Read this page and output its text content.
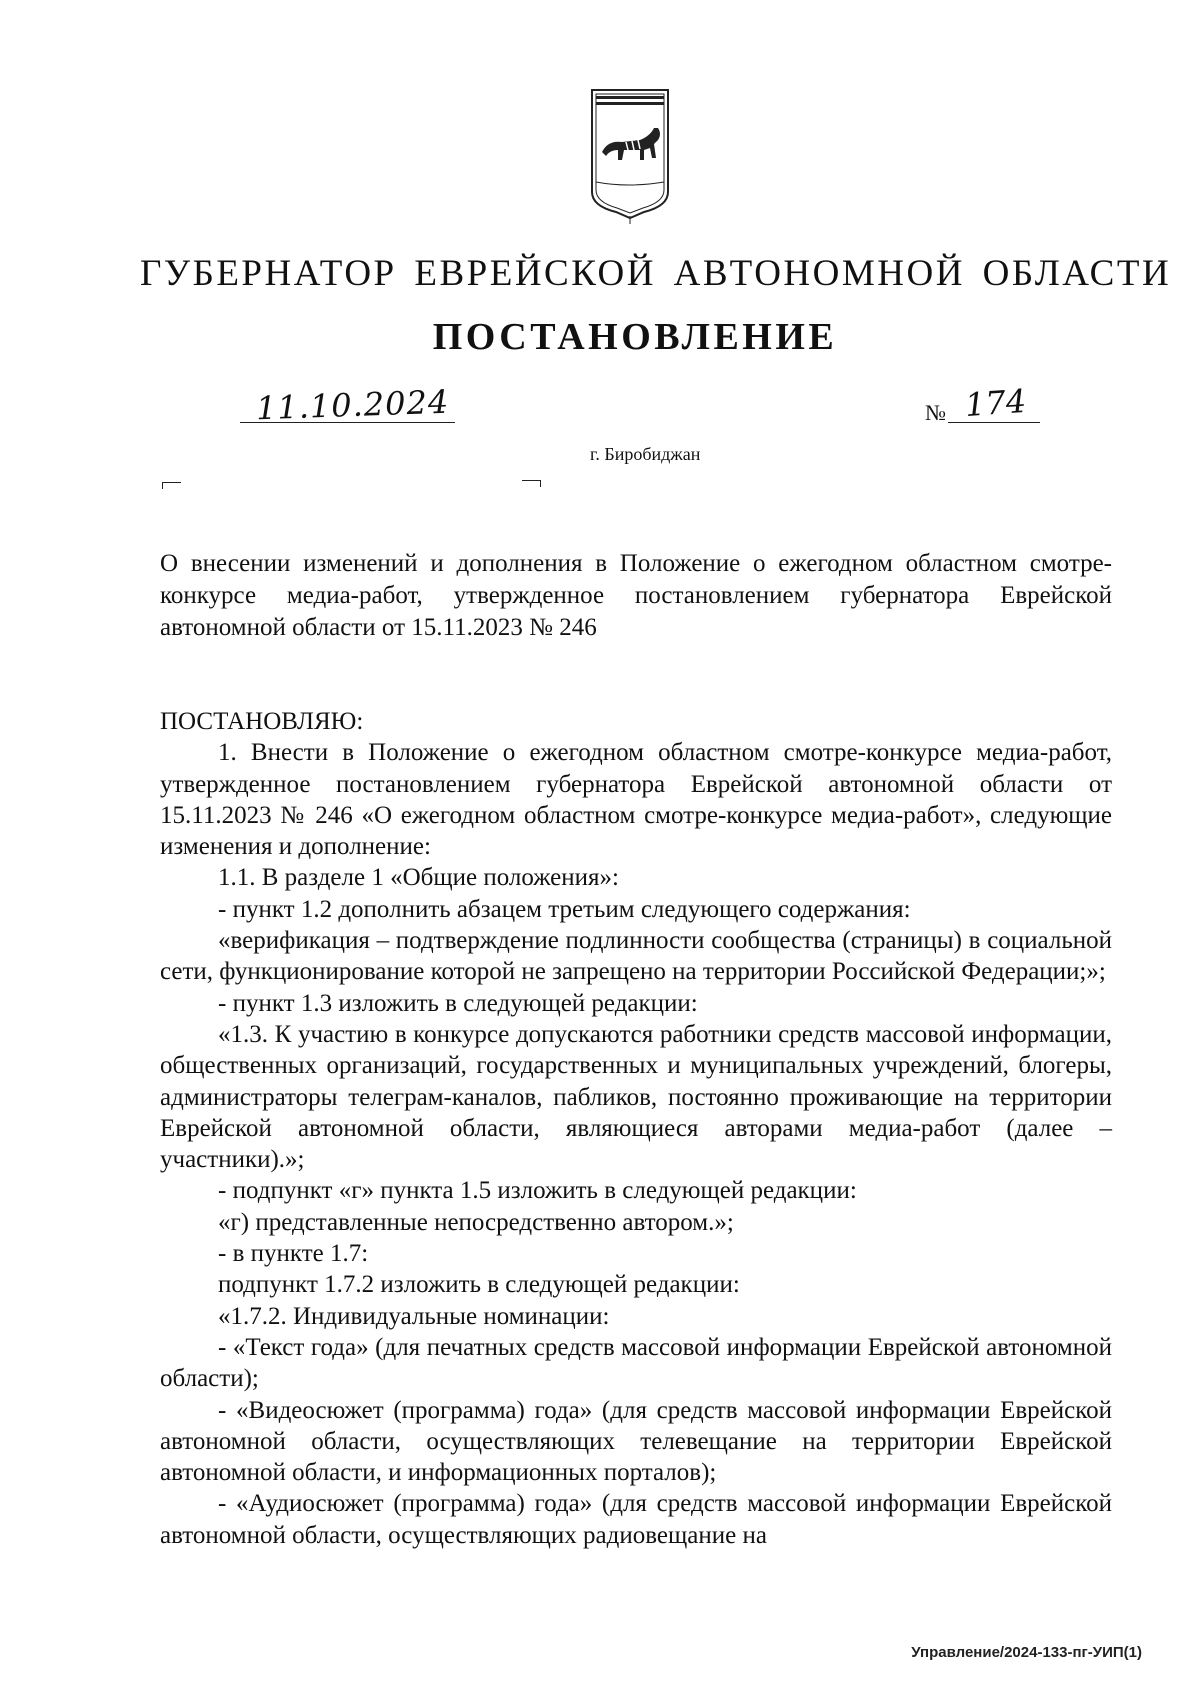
ГУБЕРНАТОР ЕВРЕЙСКОЙ АВТОНОМНОЙ ОБЛАСТИ
ПОСТАНОВЛЕНИЕ
11.10.2024	№ 174
г. Биробиджан
О внесении изменений и дополнения в Положение о ежегодном областном смотре-конкурсе медиа-работ, утвержденное постановлением губернатора Еврейской автономной области от 15.11.2023 № 246

ПОСТАНОВЛЯЮ:

1. Внести в Положение о ежегодном областном смотре-конкурсе медиа-работ, утвержденное постановлением губернатора Еврейской автономной области от 15.11.2023 № 246 «О ежегодном областном смотре-конкурсе медиа-работ», следующие изменения и дополнение:

1.1. В разделе 1 «Общие положения»:

- пункт 1.2 дополнить абзацем третьим следующего содержания:

«верификация – подтверждение подлинности сообщества (страницы) в социальной сети, функционирование которой не запрещено на территории Российской Федерации;»;

- пункт 1.3 изложить в следующей редакции:

«1.3. К участию в конкурсе допускаются работники средств массовой информации, общественных организаций, государственных и муниципальных учреждений, блогеры, администраторы телеграм-каналов, пабликов, постоянно проживающие на территории Еврейской автономной области, являющиеся авторами медиа-работ (далее – участники).»;

- подпункт «г» пункта 1.5 изложить в следующей редакции:

«г) представленные непосредственно автором.»;

- в пункте 1.7:

подпункт 1.7.2 изложить в следующей редакции:

«1.7.2. Индивидуальные номинации:

- «Текст года» (для печатных средств массовой информации Еврейской автономной области);

- «Видеосюжет (программа) года» (для средств массовой информации Еврейской автономной области, осуществляющих телевещание на территории Еврейской автономной области, и информационных порталов);

- «Аудиосюжет (программа) года» (для средств массовой информации Еврейской автономной области, осуществляющих радиовещание на

Управление/2024-133-пг-УИП(1)
